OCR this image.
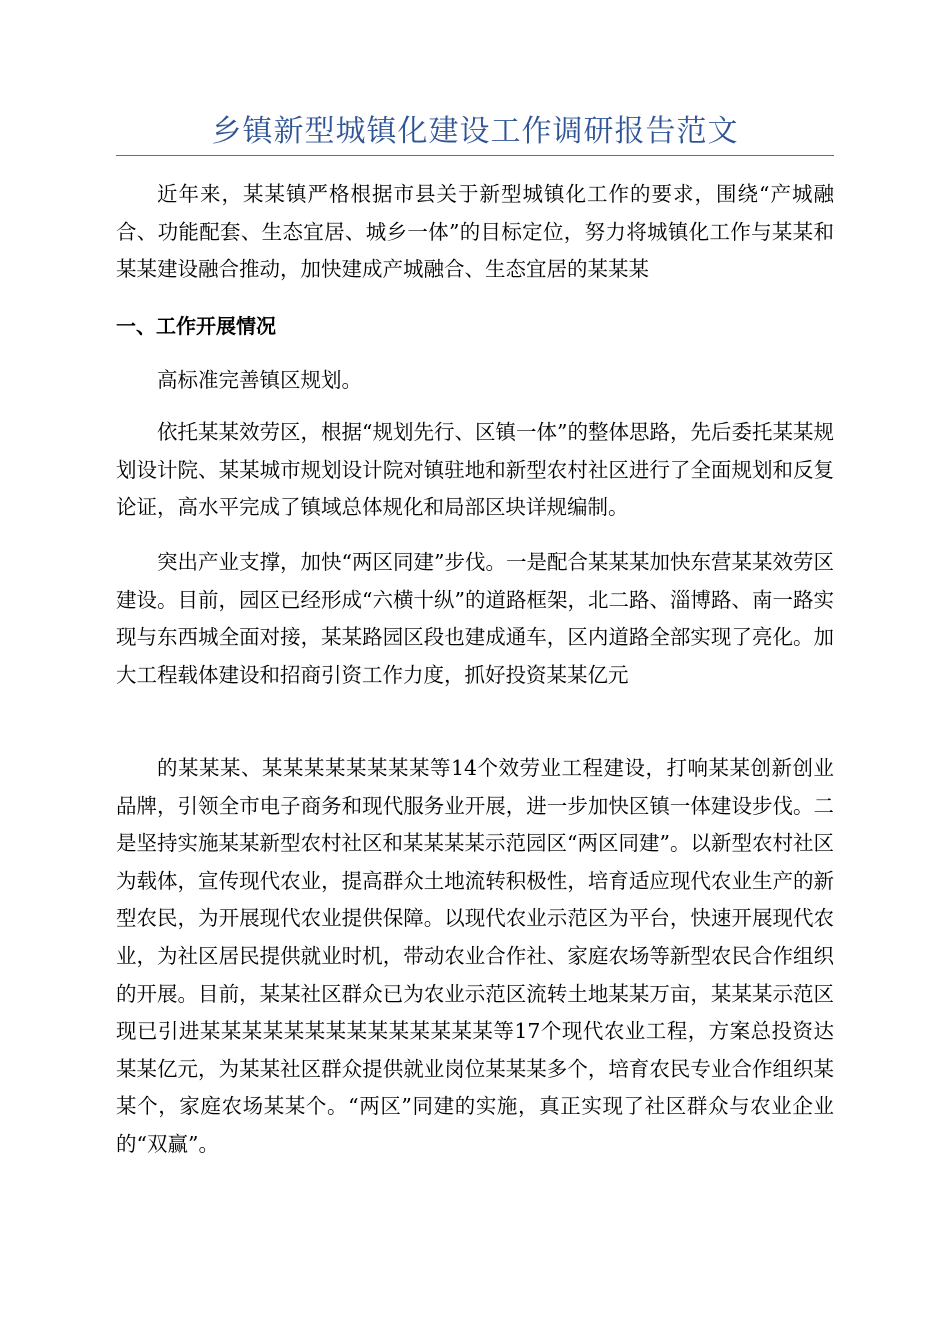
乡镇新型城镇化建设工作调研报告范文

近年来，某某镇严格根据市县关于新型城镇化工作的要求，围绕“产城融合、功能配套、生态宜居、城乡一体”的目标定位，努力将城镇化工作与某某和某某建设融合推动，加快建成产城融合、生态宜居的某某某

一、工作开展情况

高标准完善镇区规划。

依托某某效劳区，根据“规划先行、区镇一体”的整体思路，先后委托某某规划设计院、某某城市规划设计院对镇驻地和新型农村社区进行了全面规划和反复论证，高水平完成了镇域总体规化和局部区块详规编制。

突出产业支撑，加快“两区同建”步伐。一是配合某某某加快东营某某效劳区建设。目前，园区已经形成“六横十纵”的道路框架，北二路、淄博路、南一路实现与东西城全面对接，某某路园区段也建成通车，区内道路全部实现了亮化。加大工程载体建设和招商引资工作力度，抓好投资某某亿元

的某某某、某某某某某某某某等14个效劳业工程建设，打响某某创新创业品牌，引领全市电子商务和现代服务业开展，进一步加快区镇一体建设步伐。二是坚持实施某某新型农村社区和某某某某示范园区“两区同建”。以新型农村社区为载体，宣传现代农业，提高群众土地流转积极性，培育适应现代农业生产的新型农民，为开展现代农业提供保障。以现代农业示范区为平台，快速开展现代农业，为社区居民提供就业时机，带动农业合作社、家庭农场等新型农民合作组织的开展。目前，某某社区群众已为农业示范区流转土地某某万亩，某某某示范区现已引进某某某某某某某某某某某某某某等17个现代农业工程，方案总投资达某某亿元，为某某社区群众提供就业岗位某某某多个，培育农民专业合作组织某某个，家庭农场某某个。“两区”同建的实施，真正实现了社区群众与农业企业的“双赢”。
